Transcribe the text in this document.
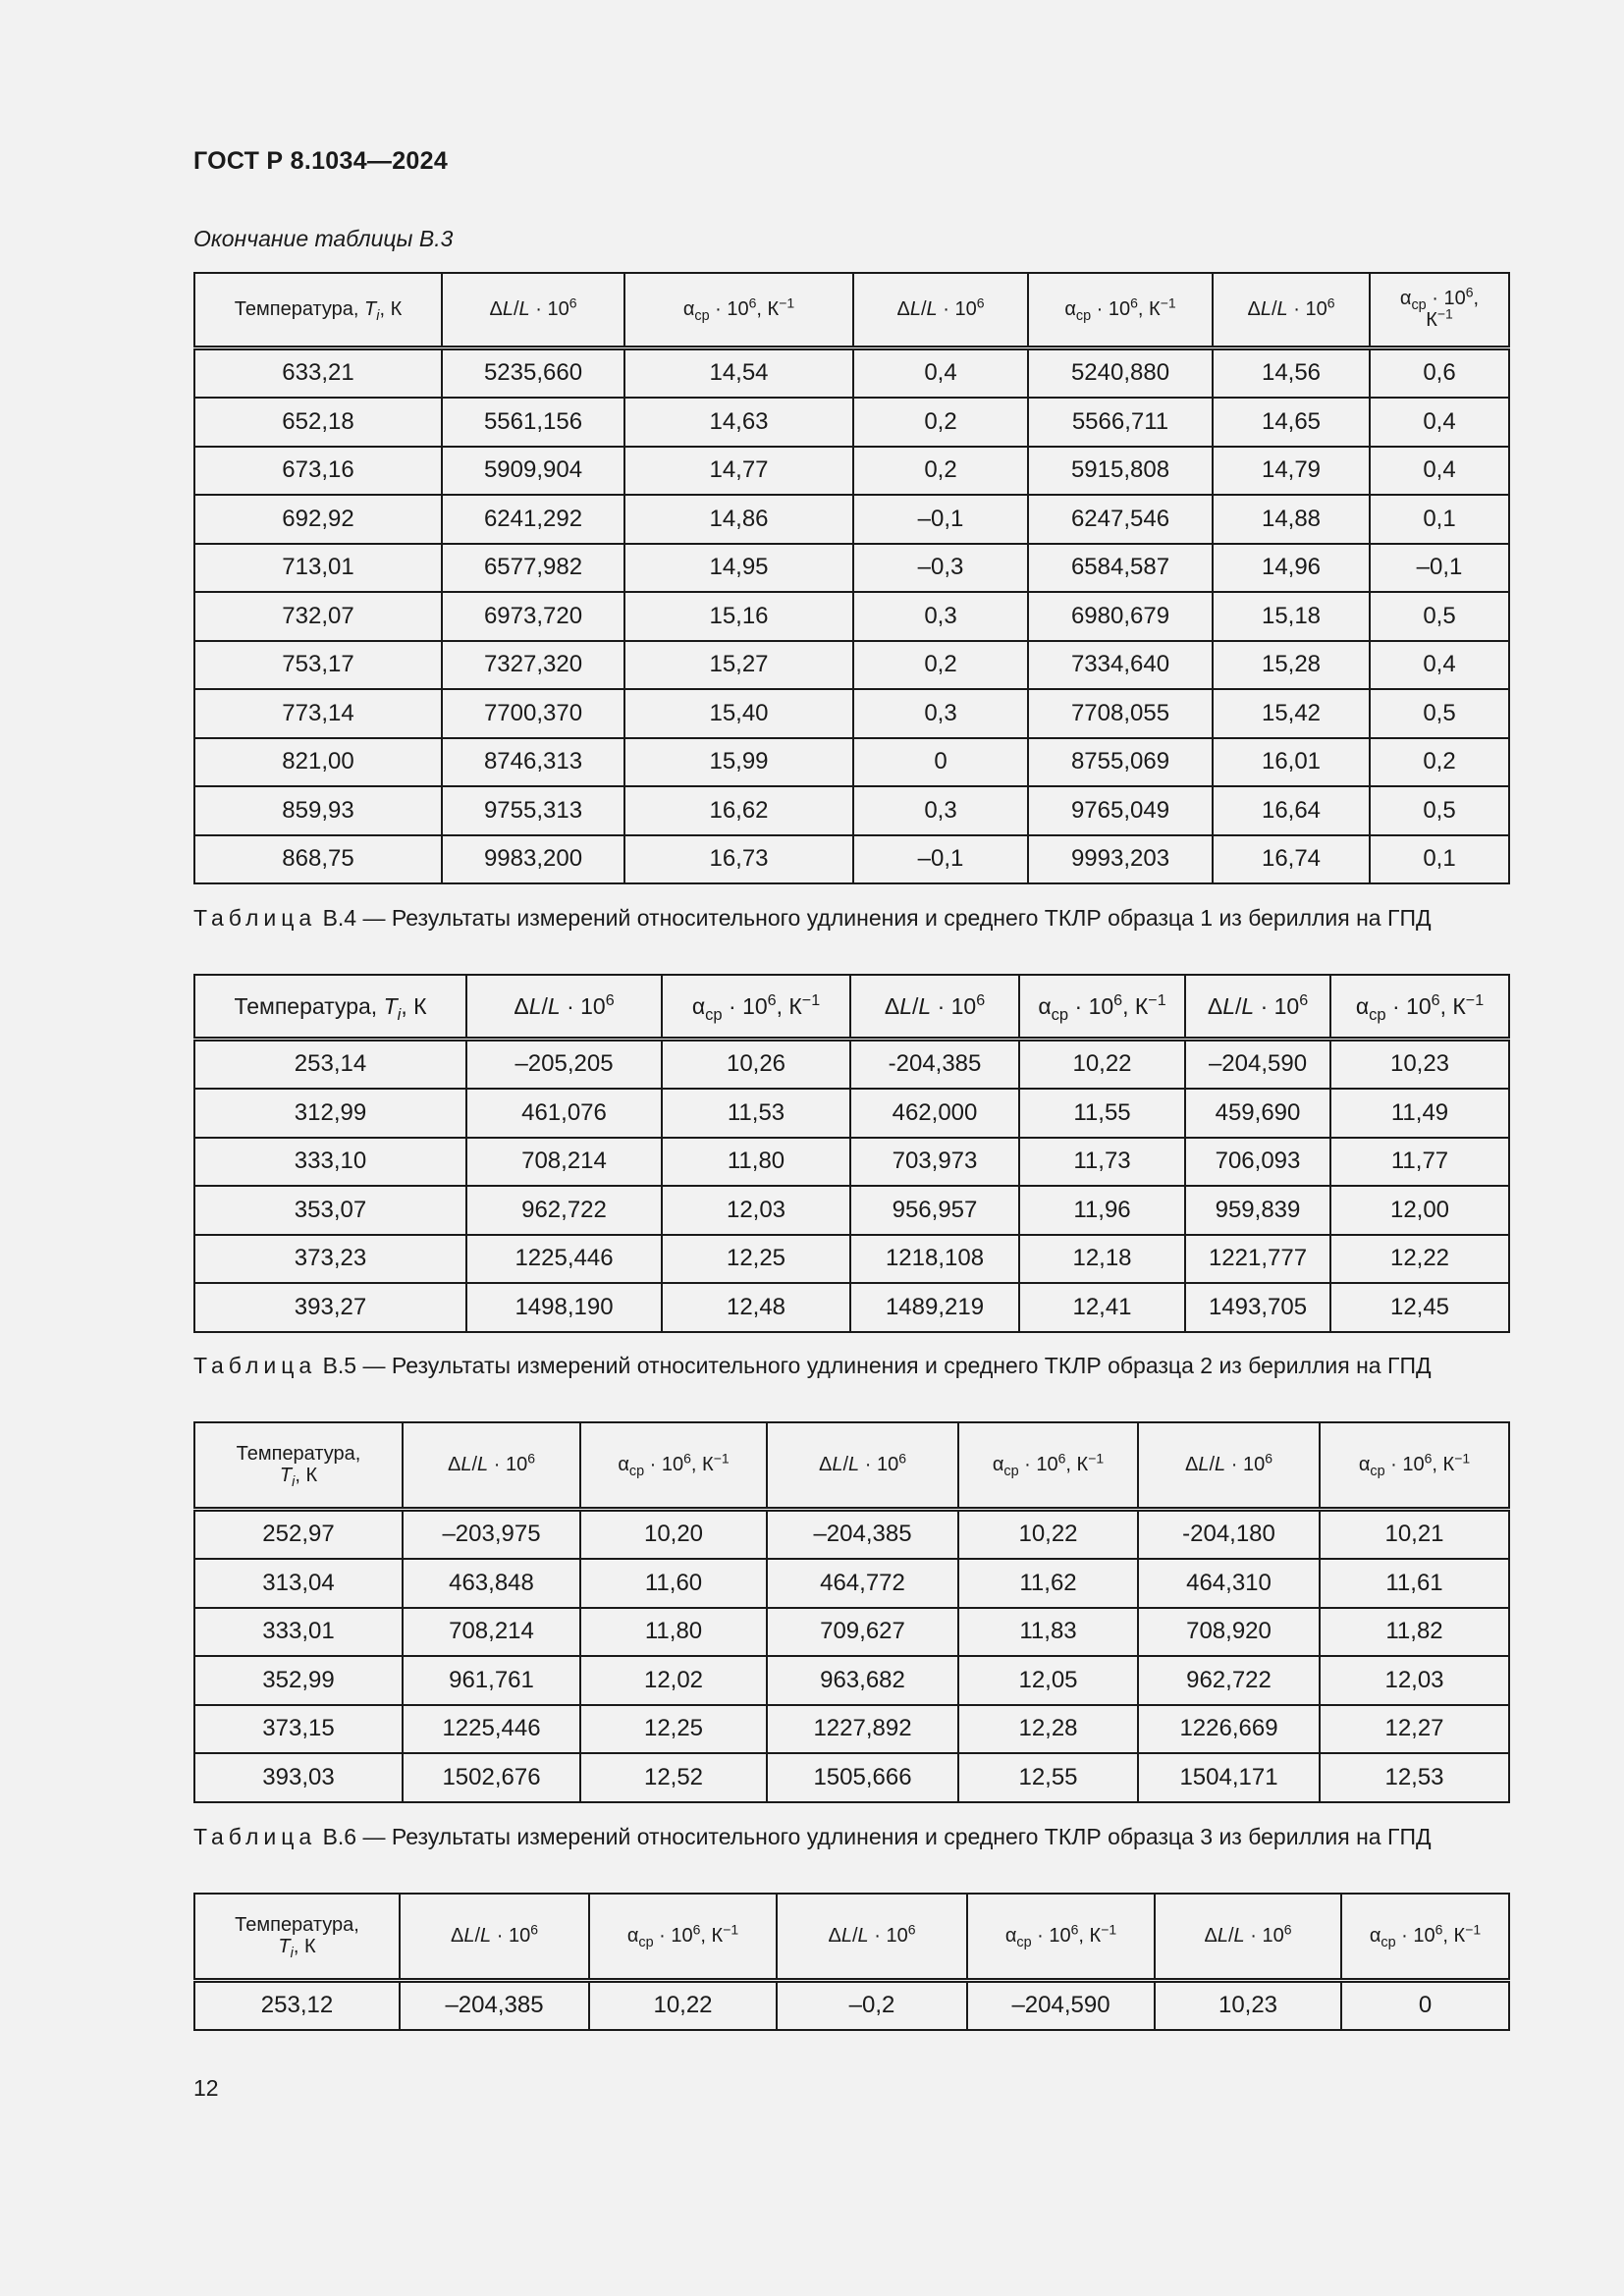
ГОСТ Р 8.1034—2024
Окончание таблицы В.3
Температура, $T_i$, К	$\Delta L/L \cdot 10^6$	$\alpha_{ср} \cdot 10^6$, $К^{-1}$	$\Delta L/L \cdot 10^6$	$\alpha_{ср} \cdot 10^6$, $К^{-1}$	$\Delta L/L \cdot 10^6$	$\alpha_{ср} \cdot 10^6$,
$К^{-1}$
633,21	5235,660	14,54	0,4	5240,880	14,56	0,6
652,18	5561,156	14,63	0,2	5566,711	14,65	0,4
673,16	5909,904	14,77	0,2	5915,808	14,79	0,4
692,92	6241,292	14,86	–0,1	6247,546	14,88	0,1
713,01	6577,982	14,95	–0,3	6584,587	14,96	–0,1
732,07	6973,720	15,16	0,3	6980,679	15,18	0,5
753,17	7327,320	15,27	0,2	7334,640	15,28	0,4
773,14	7700,370	15,40	0,3	7708,055	15,42	0,5
821,00	8746,313	15,99	0	8755,069	16,01	0,2
859,93	9755,313	16,62	0,3	9765,049	16,64	0,5
868,75	9983,200	16,73	–0,1	9993,203	16,74	0,1
Таблица В.4 — Результаты измерений относительного удлинения и среднего ТКЛР образца 1 из бериллия на ГПД
Температура, $T_i$, К	$\Delta L/L \cdot 10^6$	$\alpha_{ср} \cdot 10^6$, $К^{-1}$	$\Delta L/L \cdot 10^6$	$\alpha_{ср} \cdot 10^6$, $К^{-1}$	$\Delta L/L \cdot 10^6$	$\alpha_{ср} \cdot 10^6$, $К^{-1}$
253,14	–205,205	10,26	-204,385	10,22	–204,590	10,23
312,99	461,076	11,53	462,000	11,55	459,690	11,49
333,10	708,214	11,80	703,973	11,73	706,093	11,77
353,07	962,722	12,03	956,957	11,96	959,839	12,00
373,23	1225,446	12,25	1218,108	12,18	1221,777	12,22
393,27	1498,190	12,48	1489,219	12,41	1493,705	12,45
Таблица В.5 — Результаты измерений относительного удлинения и среднего ТКЛР образца 2 из бериллия на ГПД
Температура,
$T_i$, К	$\Delta L/L \cdot 10^6$	$\alpha_{ср} \cdot 10^6$, $К^{-1}$	$\Delta L/L \cdot 10^6$	$\alpha_{ср} \cdot 10^6$, $К^{-1}$	$\Delta L/L \cdot 10^6$	$\alpha_{ср} \cdot 10^6$, $К^{-1}$
252,97	–203,975	10,20	–204,385	10,22	-204,180	10,21
313,04	463,848	11,60	464,772	11,62	464,310	11,61
333,01	708,214	11,80	709,627	11,83	708,920	11,82
352,99	961,761	12,02	963,682	12,05	962,722	12,03
373,15	1225,446	12,25	1227,892	12,28	1226,669	12,27
393,03	1502,676	12,52	1505,666	12,55	1504,171	12,53
Таблица В.6 — Результаты измерений относительного удлинения и среднего ТКЛР образца 3 из бериллия на ГПД
Температура,
$T_i$, К	$\Delta L/L \cdot 10^6$	$\alpha_{ср} \cdot 10^6$, $К^{-1}$	$\Delta L/L \cdot 10^6$	$\alpha_{ср} \cdot 10^6$, $К^{-1}$	$\Delta L/L \cdot 10^6$	$\alpha_{ср} \cdot 10^6$, $К^{-1}$
253,12	–204,385	10,22	–0,2	–204,590	10,23	0
12
